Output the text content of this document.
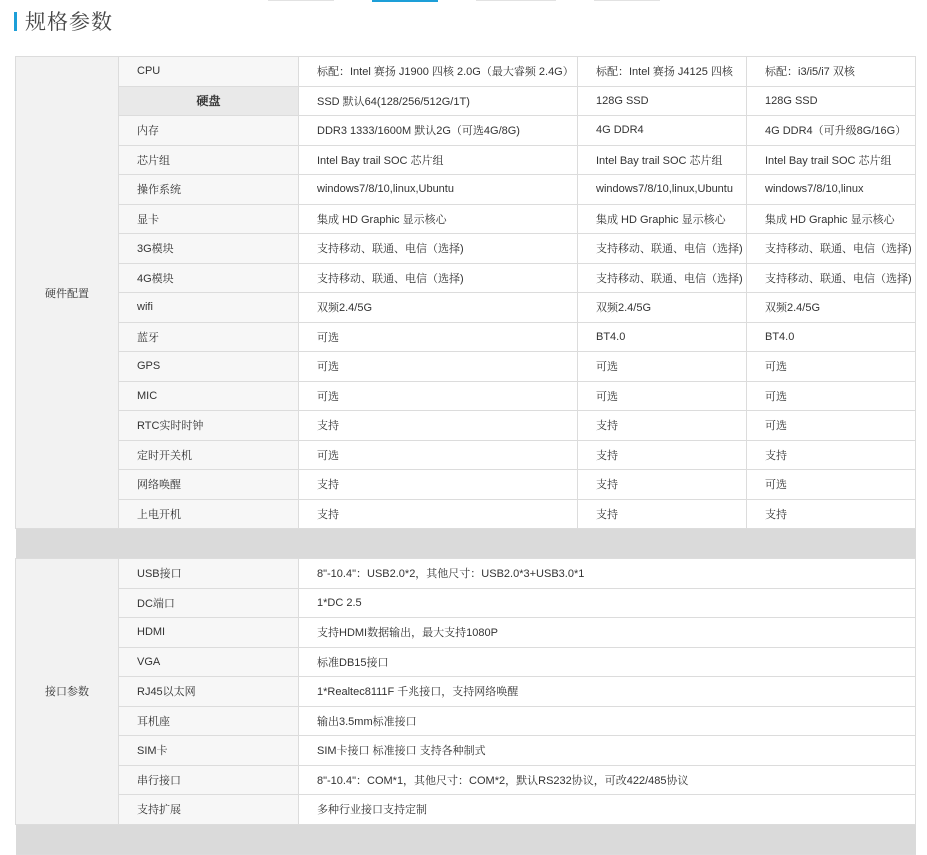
规格参数
硬件配置	CPU	标配：Intel 赛扬 J1900 四核 2.0G（最大睿频 2.4G）	标配：Intel 赛扬 J4125 四核	标配：i3/i5/i7 双核
	硬盘	SSD 默认64(128/256/512G/1T)	128G SSD	128G SSD
	内存	DDR3 1333/1600M 默认2G（可选4G/8G)	4G DDR4	4G DDR4（可升级8G/16G）
	芯片组	Intel Bay trail SOC 芯片组	Intel Bay trail SOC 芯片组	Intel Bay trail SOC 芯片组
	操作系统	windows7/8/10,linux,Ubuntu	windows7/8/10,linux,Ubuntu	windows7/8/10,linux
	显卡	集成 HD Graphic 显示核心	集成 HD Graphic 显示核心	集成 HD Graphic 显示核心
	3G模块	支持移动、联通、电信（选择)	支持移动、联通、电信（选择)	支持移动、联通、电信（选择)
	4G模块	支持移动、联通、电信（选择)	支持移动、联通、电信（选择)	支持移动、联通、电信（选择)
	wifi	双频2.4/5G	双频2.4/5G	双频2.4/5G
	蓝牙	可选	BT4.0	BT4.0
	GPS	可选	可选	可选
	MIC	可选	可选	可选
	RTC实时时钟	支持	支持	可选
	定时开关机	可选	支持	支持
	网络唤醒	支持	支持	可选
	上电开机	支持	支持	支持

接口参数	USB接口	8"-10.4"：USB2.0*2，其他尺寸：USB2.0*3+USB3.0*1		
	DC端口	1*DC 2.5		
	HDMI	支持HDMI数据输出，最大支持1080P		
	VGA	标准DB15接口		
	RJ45以太网	1*Realtec8111F 千兆接口，支持网络唤醒		
	耳机座	输出3.5mm标准接口		
	SIM卡	SIM卡接口 标准接口 支持各种制式		
	串行接口	8"-10.4"：COM*1，其他尺寸：COM*2，默认RS232协议，可改422/485协议		
	支持扩展	多种行业接口支持定制		
